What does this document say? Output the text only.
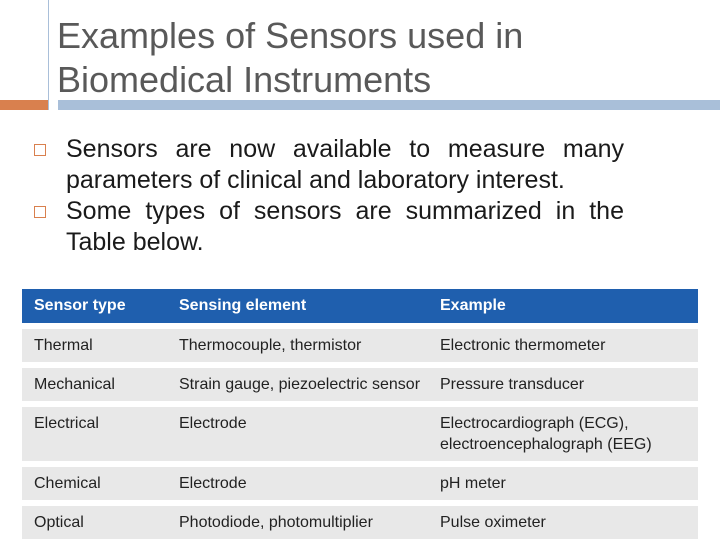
Examples of Sensors used in
Biomedical Instruments
Sensors are now available to measure many parameters of clinical and laboratory interest.
Some types of sensors are summarized in the Table below.
Sensor type	Sensing element	Example
Thermal	Thermocouple, thermistor	Electronic thermometer
Mechanical	Strain gauge, piezoelectric sensor	Pressure transducer
Electrical	Electrode	Electrocardiograph (ECG),
electroencephalograph (EEG)
Chemical	Electrode	pH meter
Optical	Photodiode, photomultiplier	Pulse oximeter
